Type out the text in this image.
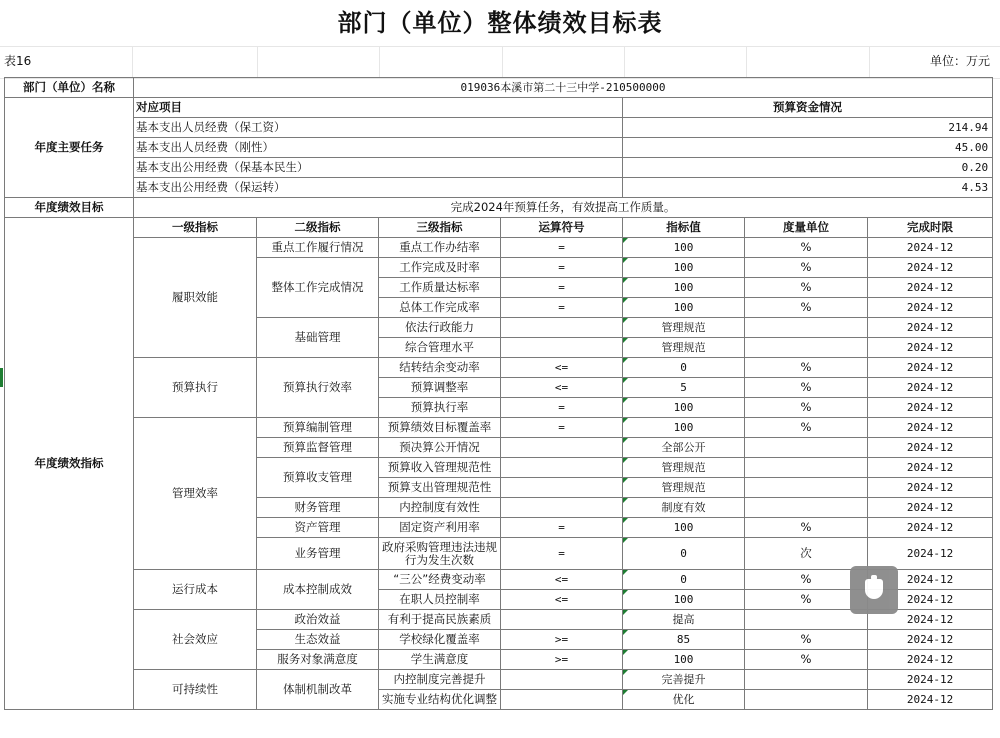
部门（单位）整体绩效目标表
表16	单位：万元
部门（单位）名称	019036本溪市第二十三中学-210500000						
年度主要任务	对应项目				预算资金情况		
	基本支出人员经费（保工资）				214.94		
	基本支出人员经费（刚性）				45.00		
	基本支出公用经费（保基本民生）				0.20		
	基本支出公用经费（保运转）				4.53		
年度绩效目标	完成2024年预算任务，有效提高工作质量。						
年度绩效指标	一级指标	二级指标	三级指标	运算符号	指标值	度量单位	完成时限
	履职效能	重点工作履行情况	重点工作办结率	=	100	%	2024-12
		整体工作完成情况	工作完成及时率	=	100	%	2024-12
			工作质量达标率	=	100	%	2024-12
			总体工作完成率	=	100	%	2024-12
		基础管理	依法行政能力		管理规范		2024-12
			综合管理水平		管理规范		2024-12
	预算执行	预算执行效率	结转结余变动率	<=	0	%	2024-12
			预算调整率	<=	5	%	2024-12
			预算执行率	=	100	%	2024-12
	管理效率	预算编制管理	预算绩效目标覆盖率	=	100	%	2024-12
		预算监督管理	预决算公开情况		全部公开		2024-12
		预算收支管理	预算收入管理规范性		管理规范		2024-12
			预算支出管理规范性		管理规范		2024-12
		财务管理	内控制度有效性		制度有效		2024-12
		资产管理	固定资产利用率	=	100	%	2024-12
		业务管理	政府采购管理违法违规行为发生次数	=	0	次	2024-12
	运行成本	成本控制成效	“三公”经费变动率	<=	0	%	2024-12
			在职人员控制率	<=	100	%	2024-12
	社会效应	政治效益	有利于提高民族素质		提高		2024-12
		生态效益	学校绿化覆盖率	>=	85	%	2024-12
		服务对象满意度	学生满意度	>=	100	%	2024-12
	可持续性	体制机制改革	内控制度完善提升		完善提升		2024-12
			实施专业结构优化调整		优化		2024-12
